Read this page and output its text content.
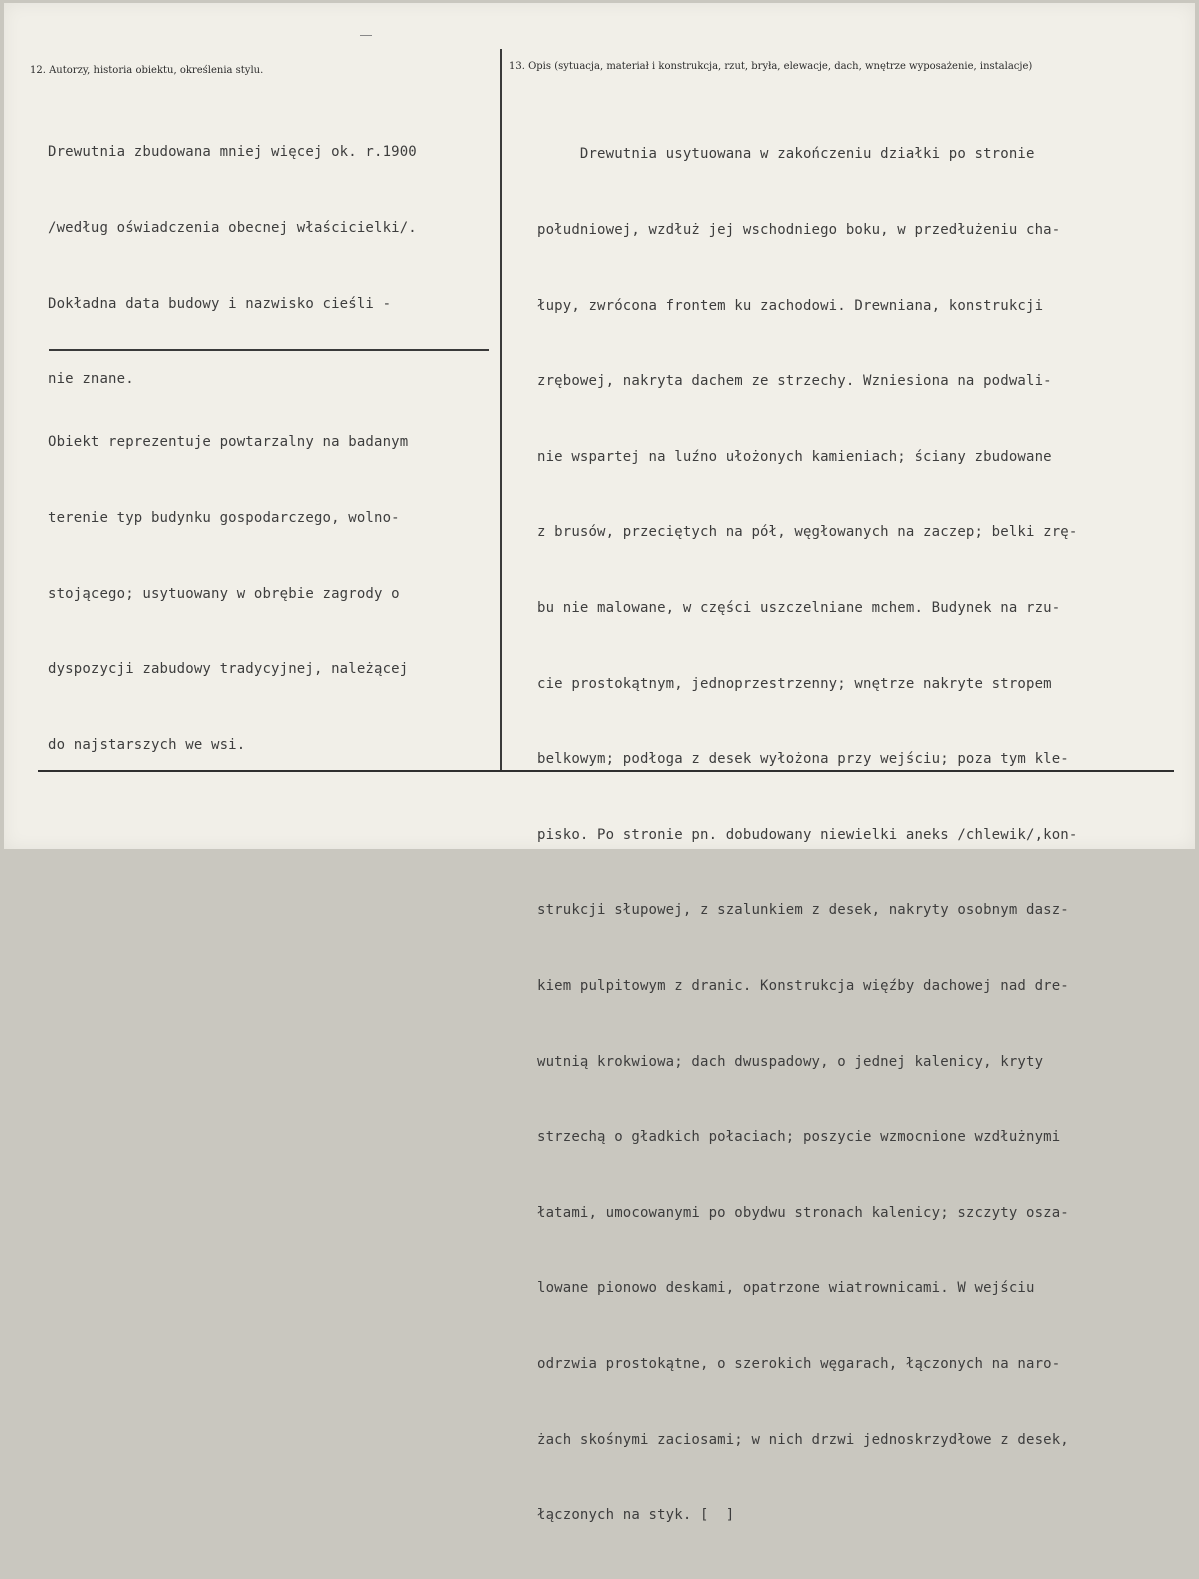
12. Autorzy, historia obiektu, określenia stylu.	13. Opis (sytuacja, materiał i konstrukcja, rzut, bryła, elewacje, dach, wnętrze wyposażenie, instalacje)

Drewutnia zbudowana mniej więcej ok. r.1900

/według oświadczenia obecnej właścicielki/.

Dokładna data budowy i nazwisko cieśli -

nie znane.

Obiekt reprezentuje powtarzalny na badanym

terenie typ budynku gospodarczego, wolno-

stojącego; usytuowany w obrębie zagrody o

dyspozycji zabudowy tradycyjnej, należącej

do najstarszych we wsi.

Drewutnia usytuowana w zakończeniu działki po stronie

południowej, wzdłuż jej wschodniego boku, w przedłużeniu cha-

łupy, zwrócona frontem ku zachodowi. Drewniana, konstrukcji

zrębowej, nakryta dachem ze strzechy. Wzniesiona na podwali-

nie wspartej na luźno ułożonych kamieniach; ściany zbudowane

z brusów, przeciętych na pół, węgłowanych na zaczep; belki zrę-

bu nie malowane, w części uszczelniane mchem. Budynek na rzu-

cie prostokątnym, jednoprzestrzenny; wnętrze nakryte stropem

belkowym; podłoga z desek wyłożona przy wejściu; poza tym kle-

pisko. Po stronie pn. dobudowany niewielki aneks /chlewik/,kon-

strukcji słupowej, z szalunkiem z desek, nakryty osobnym dasz-

kiem pulpitowym z dranic. Konstrukcja więźby dachowej nad dre-

wutnią krokwiowa; dach dwuspadowy, o jednej kalenicy, kryty

strzechą o gładkich połaciach; poszycie wzmocnione wzdłużnymi

łatami, umocowanymi po obydwu stronach kalenicy; szczyty osza-

lowane pionowo deskami, opatrzone wiatrownicami. W wejściu

odrzwia prostokątne, o szerokich węgarach, łączonych na naro-

żach skośnymi zaciosami; w nich drzwi jednoskrzydłowe z desek,

łączonych na styk. [  ]
